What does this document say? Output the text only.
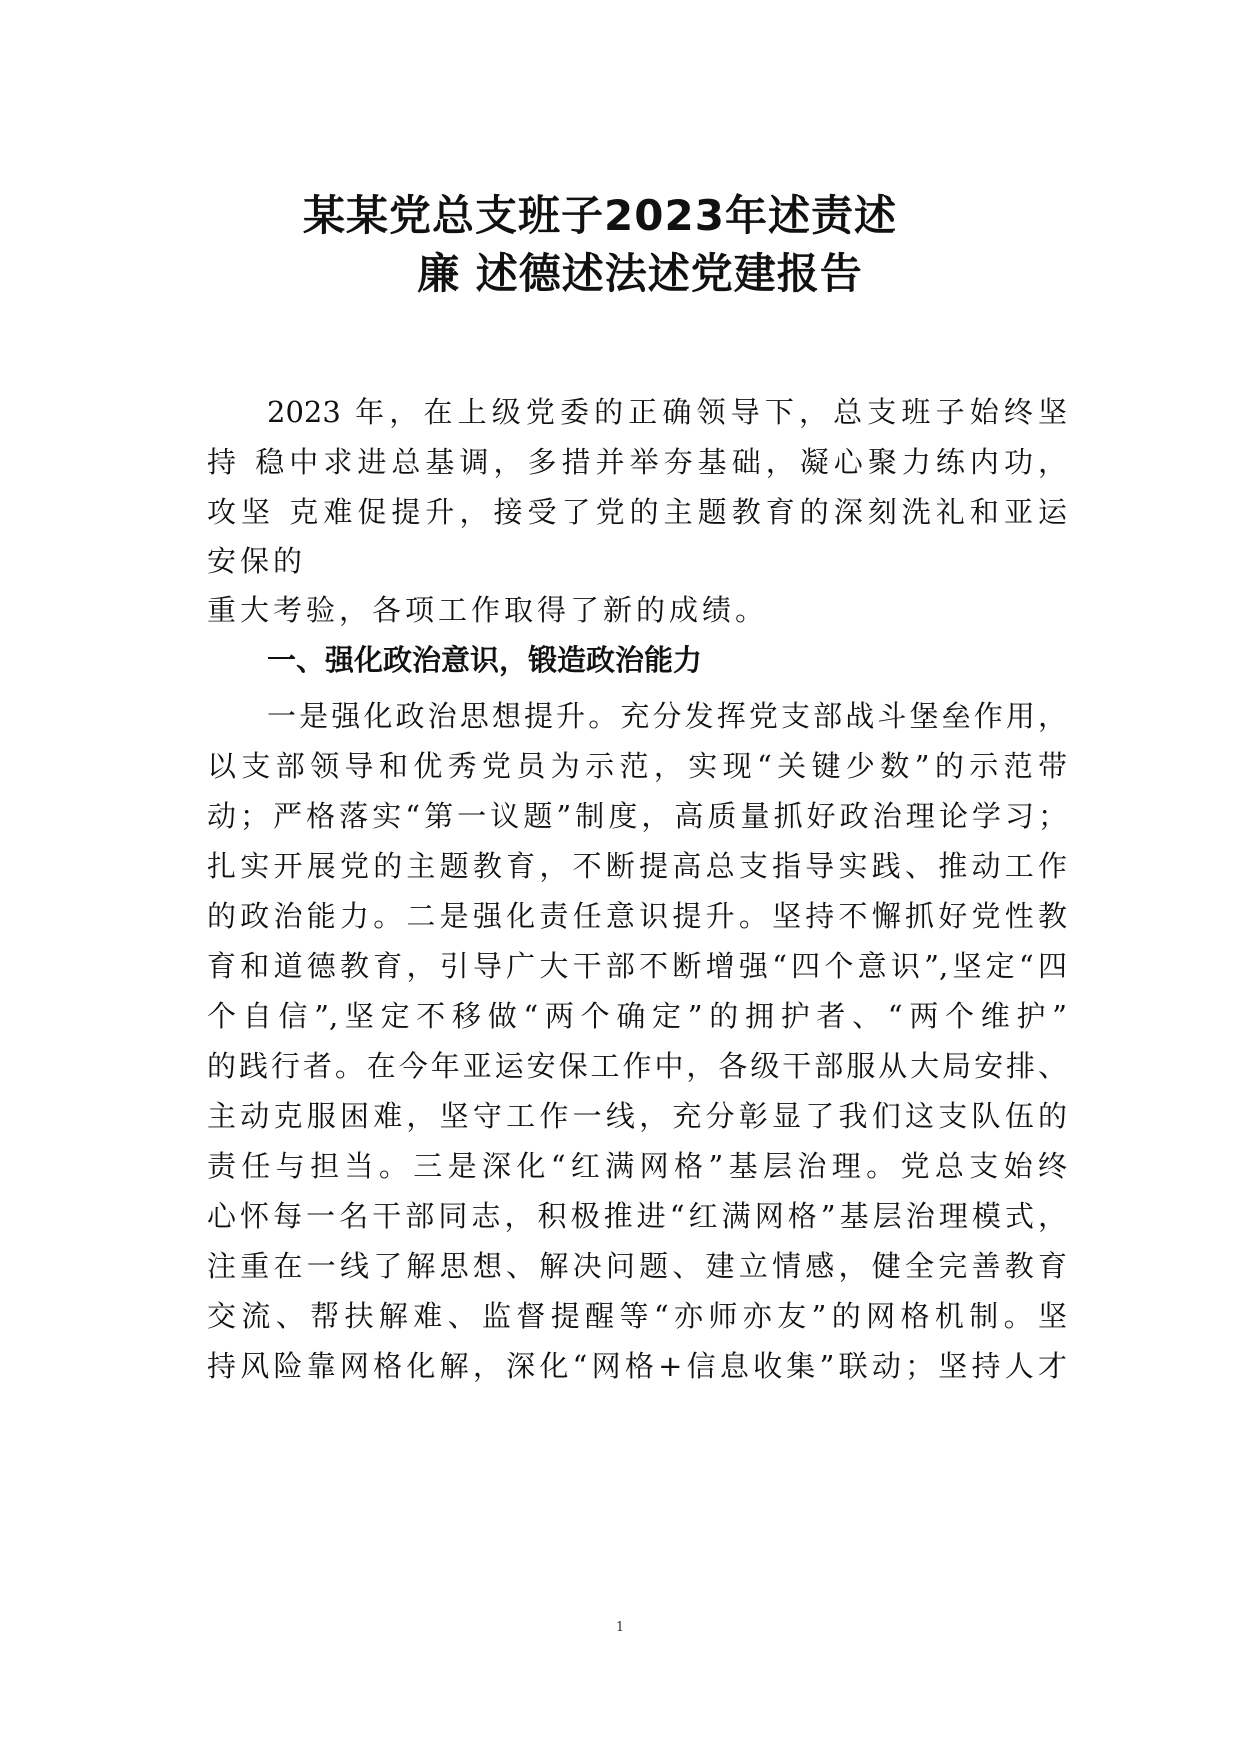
某某党总支班子2023年述责述
廉 述德述法述党建报告

2023 年，在上级党委的正确领导下，总支班子始终坚

持 稳中求进总基调，多措并举夯基础，凝心聚力练内功，

攻坚 克难促提升，接受了党的主题教育的深刻洗礼和亚运

安保的

重大考验，各项工作取得了新的成绩。

一、强化政治意识，锻造政治能力

一是强化政治思想提升。充分发挥党支部战斗堡垒作用，

以支部领导和优秀党员为示范，实现“关键少数”的示范带

动；严格落实“第一议题”制度，高质量抓好政治理论学习；

扎实开展党的主题教育，不断提高总支指导实践、推动工作

的政治能力。二是强化责任意识提升。坚持不懈抓好党性教

育和道德教育，引导广大干部不断增强“四个意识”,坚定“四

个自信”,坚定不移做“两个确定”的拥护者、“两个维护”

的践行者。在今年亚运安保工作中，各级干部服从大局安排、

主动克服困难，坚守工作一线，充分彰显了我们这支队伍的

责任与担当。三是深化“红满网格”基层治理。党总支始终

心怀每一名干部同志，积极推进“红满网格”基层治理模式，

注重在一线了解思想、解决问题、建立情感，健全完善教育

交流、帮扶解难、监督提醒等“亦师亦友”的网格机制。坚

持风险靠网格化解，深化“网格+信息收集”联动；坚持人才

1
